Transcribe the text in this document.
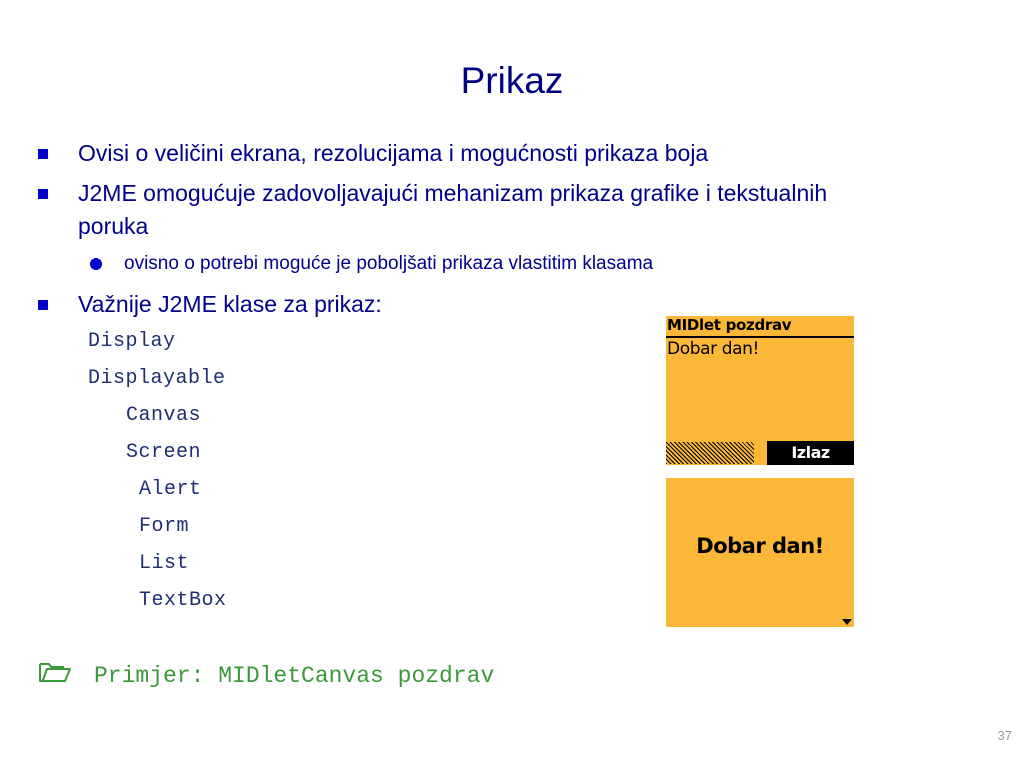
Prikaz
Ovisi o veličini ekrana, rezolucijama i mogućnosti prikaza boja
J2ME omogućuje zadovoljavajući mehanizam prikaza grafike i tekstualnih poruka
ovisno o potrebi moguće je poboljšati prikaza vlastitim klasama
Važnije J2ME klase za prikaz:
Display
Displayable
Canvas
Screen
Alert
Form
List
TextBox
MIDlet pozdrav
Dobar dan!
Izlaz
Dobar dan!
Primjer: MIDletCanvas pozdrav
37
